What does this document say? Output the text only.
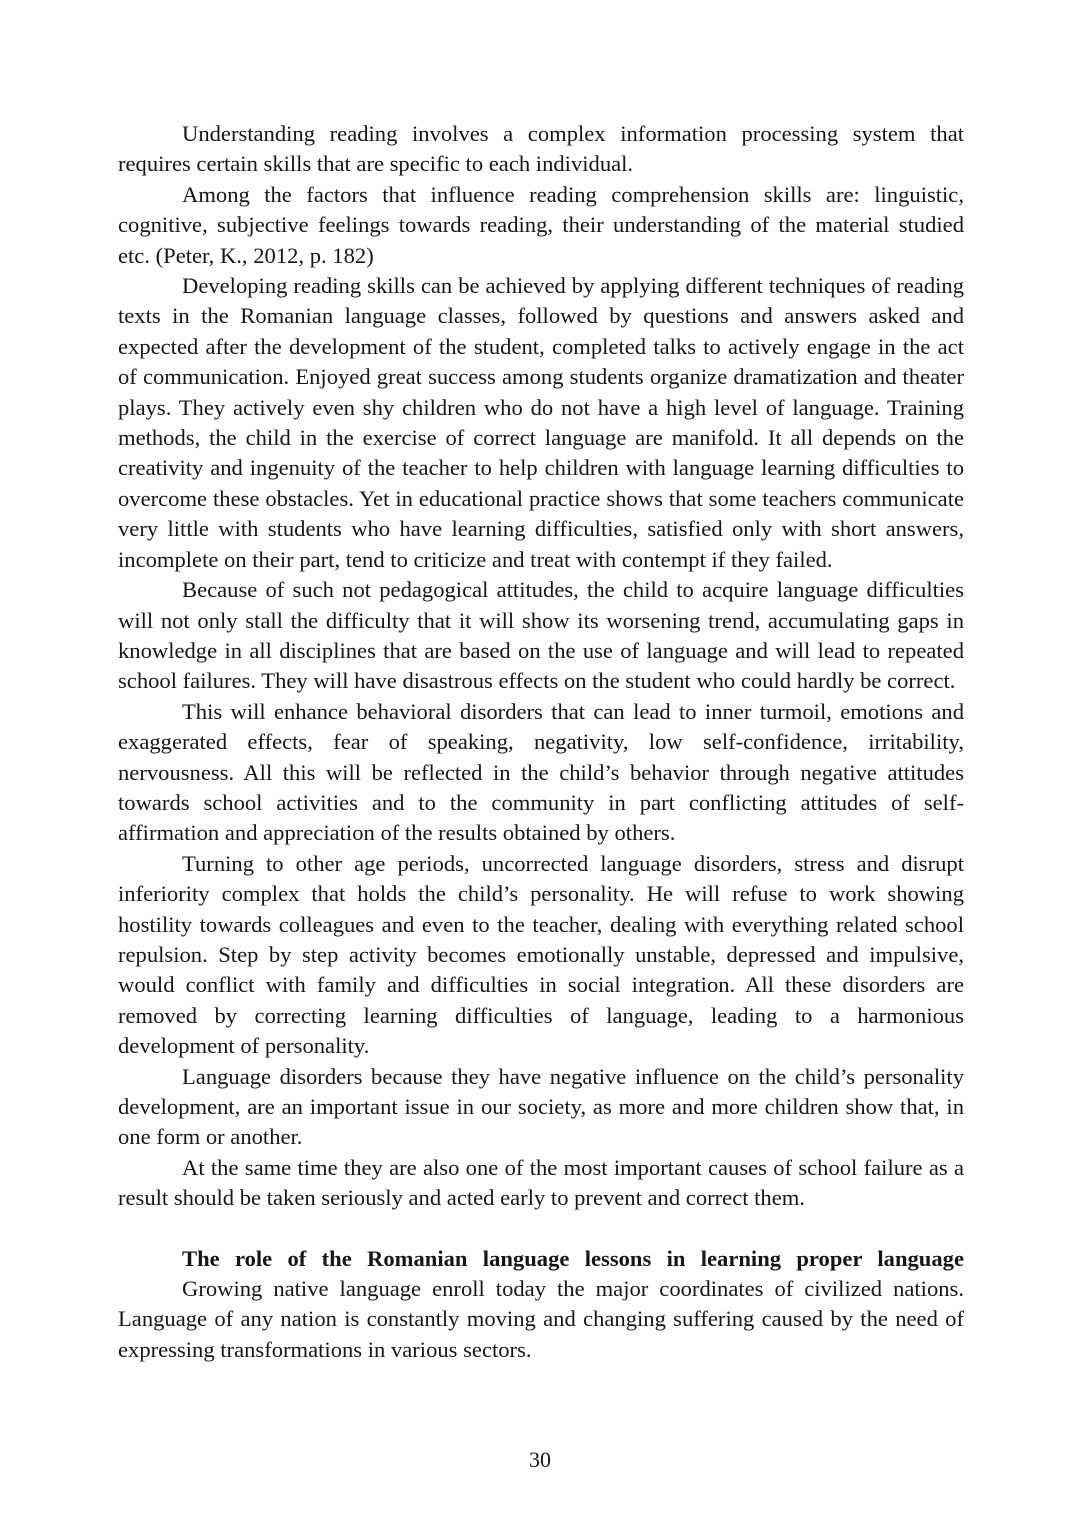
Understanding reading involves a complex information processing system that requires certain skills that are specific to each individual.

Among the factors that influence reading comprehension skills are: linguistic, cognitive, subjective feelings towards reading, their understanding of the material studied etc. (Peter, K., 2012, p. 182)

Developing reading skills can be achieved by applying different techniques of reading texts in the Romanian language classes, followed by questions and answers asked and expected after the development of the student, completed talks to actively engage in the act of communication. Enjoyed great success among students organize dramatization and theater plays. They actively even shy children who do not have a high level of language. Training methods, the child in the exercise of correct language are manifold. It all depends on the creativity and ingenuity of the teacher to help children with language learning difficulties to overcome these obstacles. Yet in educational practice shows that some teachers communicate very little with students who have learning difficulties, satisfied only with short answers, incomplete on their part, tend to criticize and treat with contempt if they failed.

Because of such not pedagogical attitudes, the child to acquire language difficulties will not only stall the difficulty that it will show its worsening trend, accumulating gaps in knowledge in all disciplines that are based on the use of language and will lead to repeated school failures. They will have disastrous effects on the student who could hardly be correct.

This will enhance behavioral disorders that can lead to inner turmoil, emotions and exaggerated effects, fear of speaking, negativity, low self-confidence, irritability, nervousness. All this will be reflected in the child’s behavior through negative attitudes towards school activities and to the community in part conflicting attitudes of self-affirmation and appreciation of the results obtained by others.

Turning to other age periods, uncorrected language disorders, stress and disrupt inferiority complex that holds the child’s personality. He will refuse to work showing hostility towards colleagues and even to the teacher, dealing with everything related school repulsion. Step by step activity becomes emotionally unstable, depressed and impulsive, would conflict with family and difficulties in social integration. All these disorders are removed by correcting learning difficulties of language, leading to a harmonious development of personality.

Language disorders because they have negative influence on the child’s personality development, are an important issue in our society, as more and more children show that, in one form or another.

At the same time they are also one of the most important causes of school failure as a result should be taken seriously and acted early to prevent and correct them.

The role of the Romanian language lessons in learning proper language

Growing native language enroll today the major coordinates of civilized nations. Language of any nation is constantly moving and changing suffering caused by the need of expressing transformations in various sectors.

30
